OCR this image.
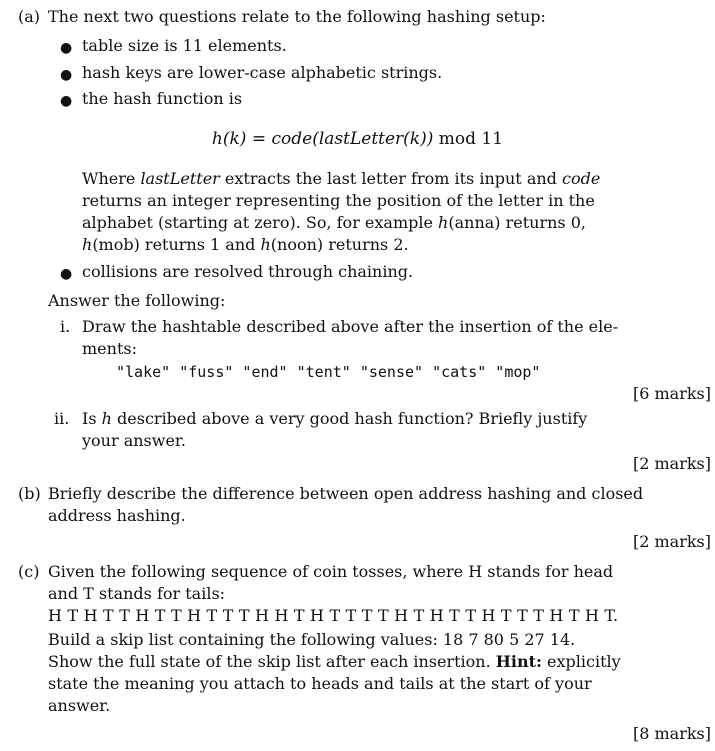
(a) The next two questions relate to the following hashing setup:
● table size is 11 elements.
● hash keys are lower-case alphabetic strings.
● the hash function is
h(k) = code(lastLetter(k)) mod 11
Where lastLetter extracts the last letter from its input and code
returns an integer representing the position of the letter in the
alphabet (starting at zero). So, for example h(anna) returns 0,
h(mob) returns 1 and h(noon) returns 2.
● collisions are resolved through chaining.
Answer the following:
i. Draw the hashtable described above after the insertion of the ele-
ments:
"lake" "fuss" "end" "tent" "sense" "cats" "mop"
[6 marks]
ii. Is h described above a very good hash function? Briefly justify
your answer.
[2 marks]
(b) Briefly describe the difference between open address hashing and closed
address hashing.
[2 marks]
(c) Given the following sequence of coin tosses, where H stands for head
and T stands for tails:
H T H T T H T T H T T T H H T H T T T T H T H T T H T T T H T H T.
Build a skip list containing the following values: 18 7 80 5 27 14.
Show the full state of the skip list after each insertion. Hint: explicitly
state the meaning you attach to heads and tails at the start of your
answer.
[8 marks]
